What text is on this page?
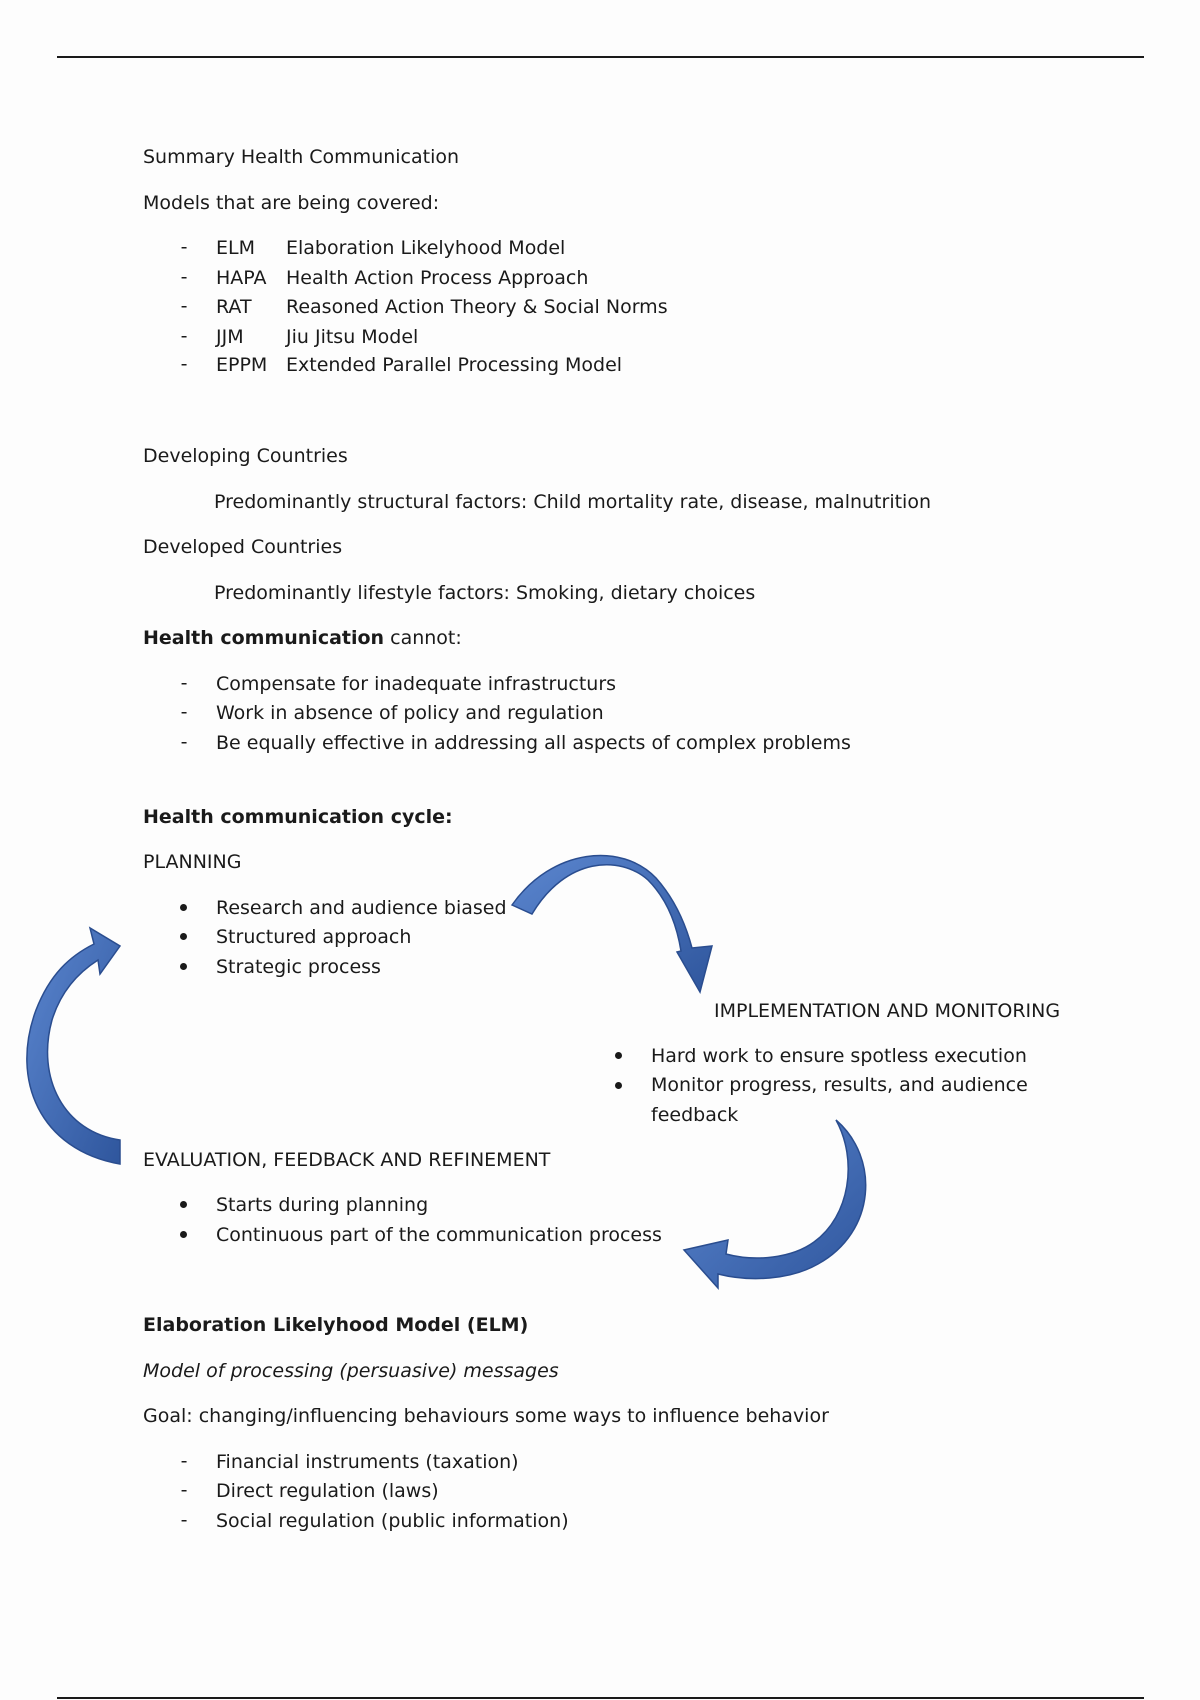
Summary Health Communication
Models that are being covered:
-	ELM Elaboration Likelyhood Model
-	HAPA Health Action Process Approach
-	RAT Reasoned Action Theory & Social Norms
-	JJM Jiu Jitsu Model
-	EPPM Extended Parallel Processing Model
Developing Countries
Predominantly structural factors: Child mortality rate, disease, malnutrition
Developed Countries
Predominantly lifestyle factors: Smoking, dietary choices
Health communication cannot:
-	Compensate for inadequate infrastructurs
-	Work in absence of policy and regulation
-	Be equally effective in addressing all aspects of complex problems
Health communication cycle:
PLANNING
Research and audience biased
Structured approach
Strategic process
IMPLEMENTATION AND MONITORING
Hard work to ensure spotless execution
Monitor progress, results, and audience
feedback
EVALUATION, FEEDBACK AND REFINEMENT
Starts during planning
Continuous part of the communication process
Elaboration Likelyhood Model (ELM)
Model of processing (persuasive) messages
Goal: changing/influencing behaviours some ways to influence behavior
-	Financial instruments (taxation)
-	Direct regulation (laws)
-	Social regulation (public information)
